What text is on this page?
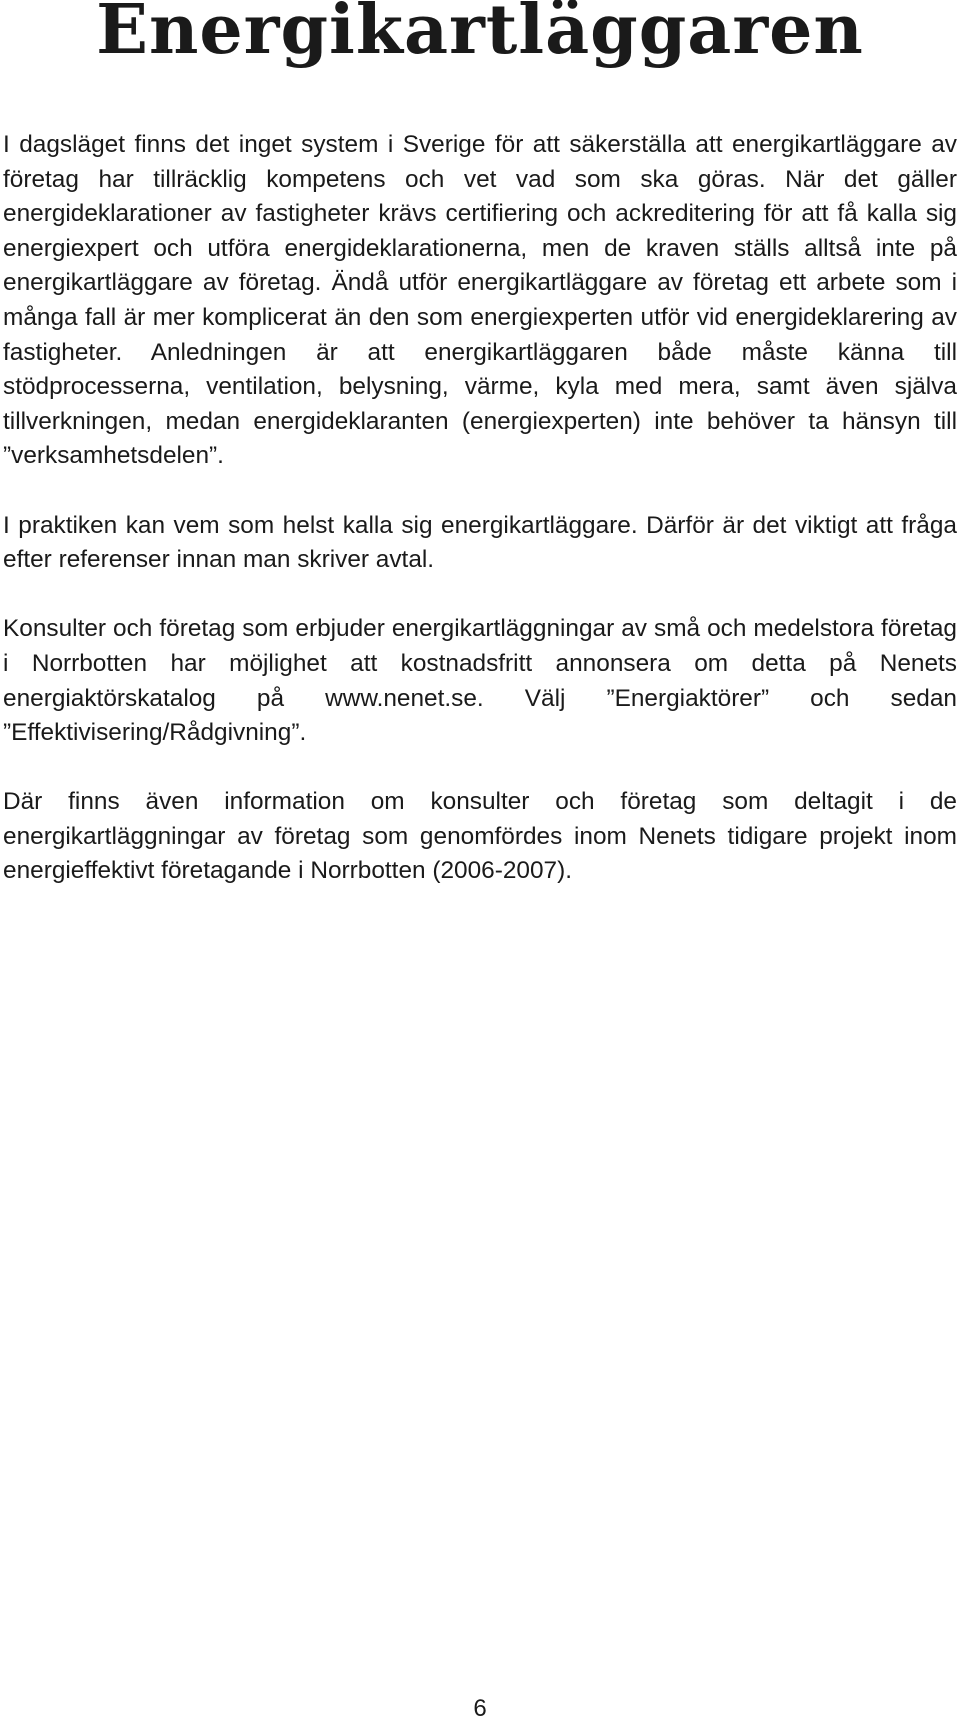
Energikartläggaren

I dagsläget finns det inget system i Sverige för att säkerställa att energikartläggare av företag har tillräcklig kompetens och vet vad som ska göras. När det gäller energideklarationer av fastigheter krävs certifiering och ackreditering för att få kalla sig energiexpert och utföra energideklarationerna, men de kraven ställs alltså inte på energikartläggare av företag. Ändå utför energikartläggare av företag ett arbete som i många fall är mer komplicerat än den som energiexperten utför vid energideklarering av fastigheter. Anledningen är att energikartläggaren både måste känna till stödprocesserna, ventilation, belysning, värme, kyla med mera, samt även själva tillverkningen, medan energideklaranten (energiexperten) inte behöver ta hänsyn till ”verksamhetsdelen”.

I praktiken kan vem som helst kalla sig energikartläggare. Därför är det viktigt att fråga efter referenser innan man skriver avtal.

Konsulter och företag som erbjuder energikartläggningar av små och medelstora företag i Norrbotten har möjlighet att kostnadsfritt annonsera om detta på Nenets energiaktörskatalog på www.nenet.se. Välj ”Energiaktörer” och sedan ”Effektivisering/Rådgivning”.

Där finns även information om konsulter och företag som deltagit i de energikartläggningar av företag som genomfördes inom Nenets tidigare projekt inom energieffektivt företagande i Norrbotten (2006-2007).

6
